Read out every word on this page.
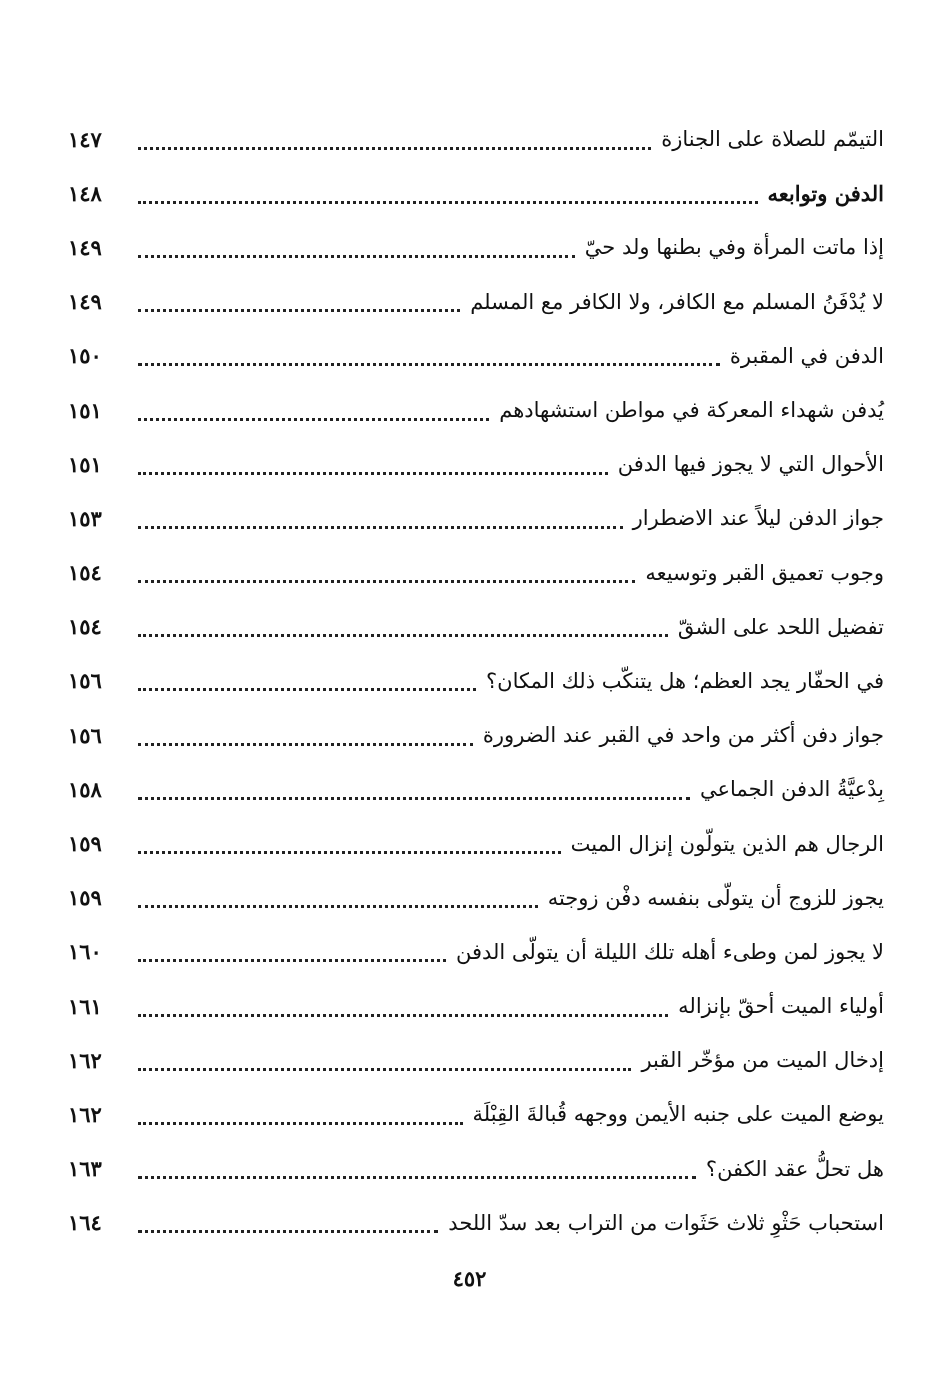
١٤٧	التيمّم للصلاة على الجنازة
١٤٨	الدفن وتوابعه
١٤٩	إذا ماتت المرأة وفي بطنها ولد حيّ
١٤٩	لا يُدْفَنُ المسلم مع الكافر، ولا الكافر مع المسلم
١٥٠	الدفن في المقبرة
١٥١	يُدفن شهداء المعركة في مواطن استشهادهم
١٥١	الأحوال التي لا يجوز فيها الدفن
١٥٣	جواز الدفن ليلاً عند الاضطرار
١٥٤	وجوب تعميق القبر وتوسيعه
١٥٤	تفضيل اللحد على الشقّ
١٥٦	في الحفّار يجد العظم؛ هل يتنكّب ذلك المكان؟
١٥٦	جواز دفن أكثر من واحد في القبر عند الضرورة
١٥٨	بِدْعيَّةُ الدفن الجماعي
١٥٩	الرجال هم الذين يتولّون إنزال الميت
١٥٩	يجوز للزوج أن يتولّى بنفسه دفْن زوجته
١٦٠	لا يجوز لمن وطىء أهله تلك الليلة أن يتولّى الدفن
١٦١	أولياء الميت أحقّ بإنزاله
١٦٢	إدخال الميت من مؤخّر القبر
١٦٢	يوضع الميت على جنبه الأيمن ووجهه قُبالةَ القِبْلَة
١٦٣	هل تحلُّ عقد الكفن؟
١٦٤	استحباب حَثْوِ ثلاث حَثَوات من التراب بعد سدّ اللحد
٤٥٢
